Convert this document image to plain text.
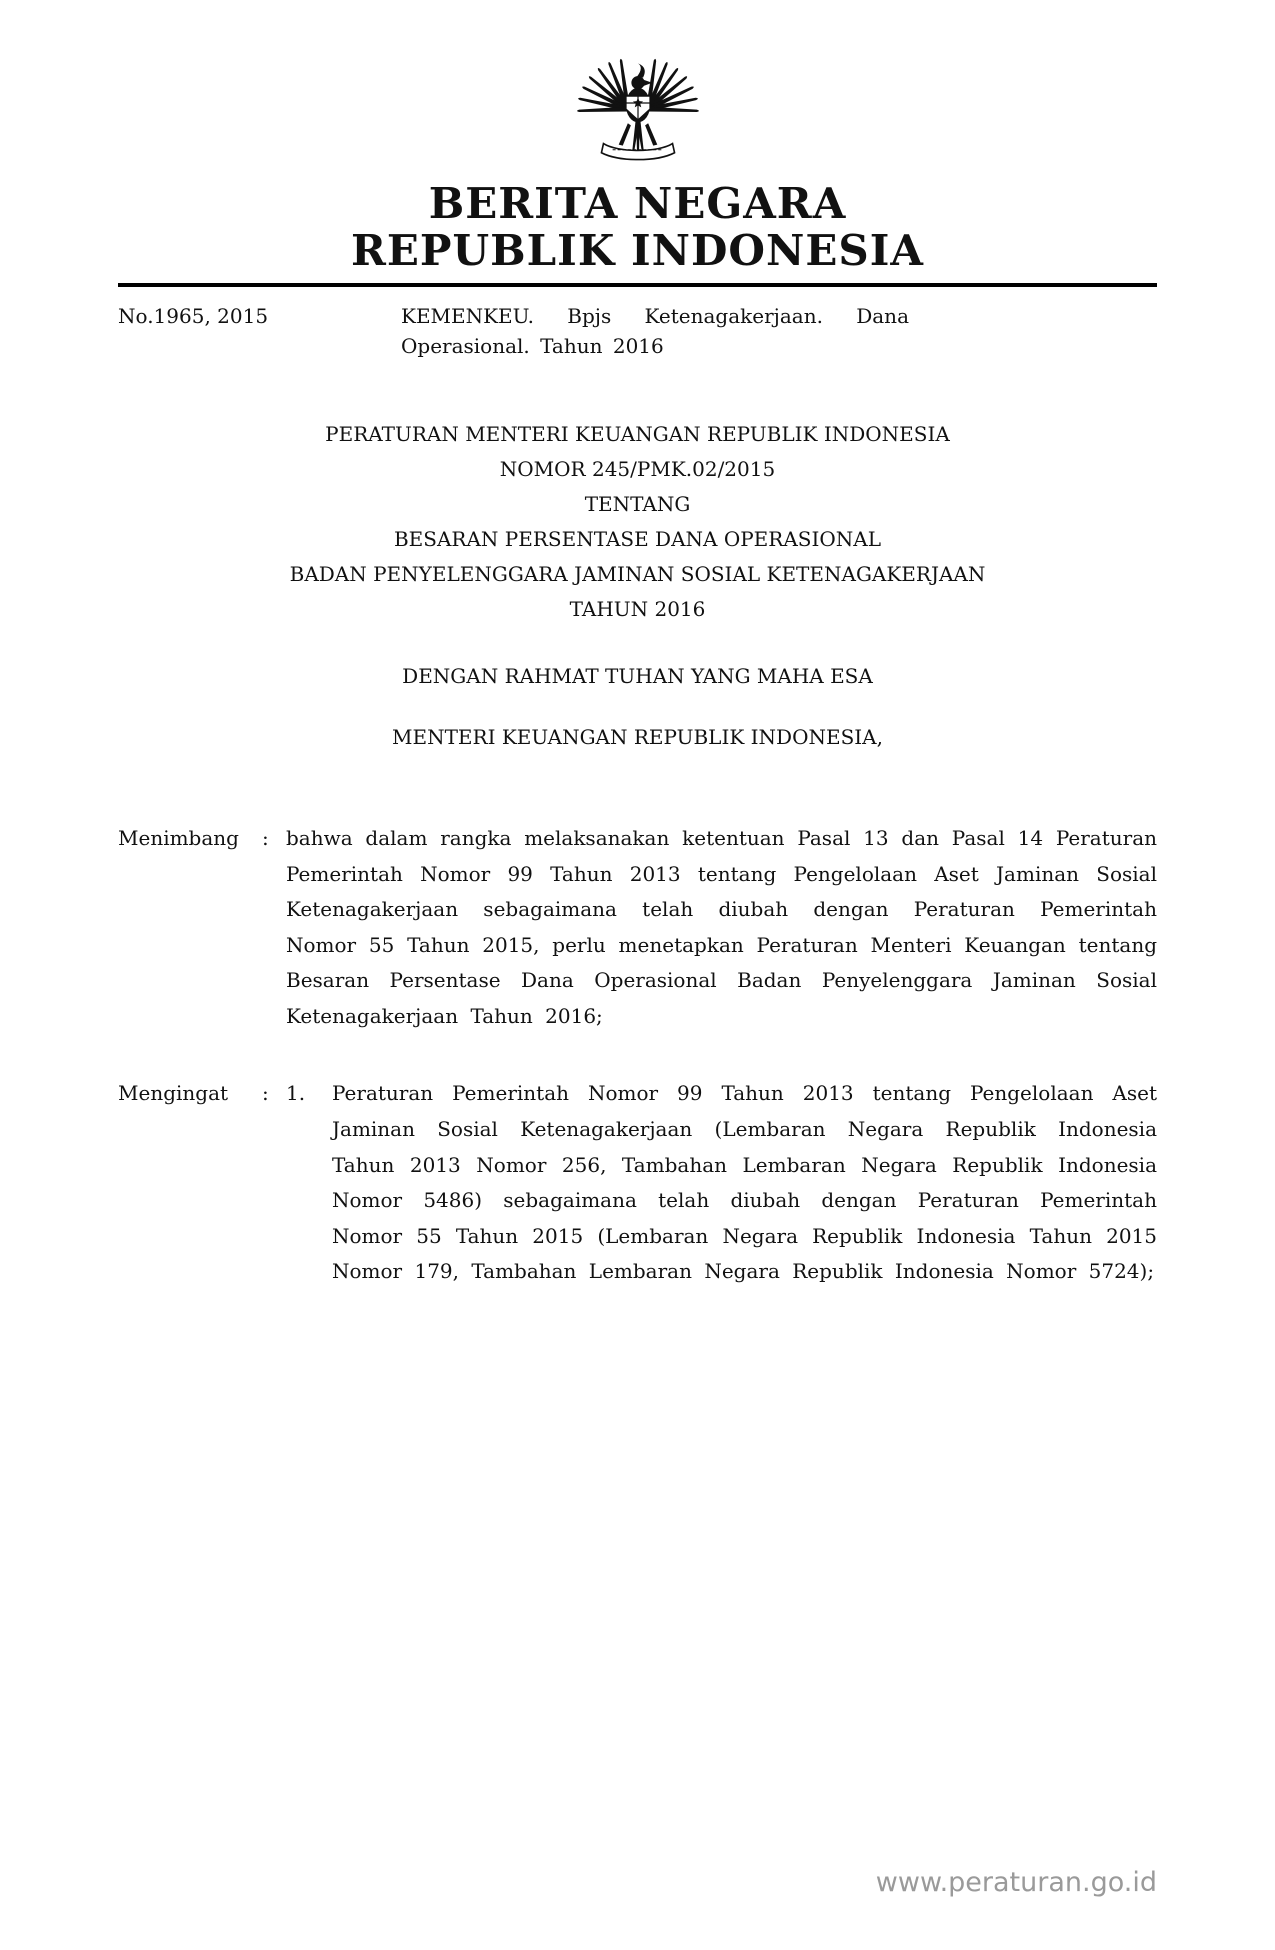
BERITA NEGARA
REPUBLIK INDONESIA
No.1965, 2015	KEMENKEU. Bpjs Ketenagakerjaan. Dana Operasional. Tahun 2016
PERATURAN MENTERI KEUANGAN REPUBLIK INDONESIA
NOMOR 245/PMK.02/2015
TENTANG
BESARAN PERSENTASE DANA OPERASIONAL
BADAN PENYELENGGARA JAMINAN SOSIAL KETENAGAKERJAAN
TAHUN 2016
DENGAN RAHMAT TUHAN YANG MAHA ESA
MENTERI KEUANGAN REPUBLIK INDONESIA,
Menimbang	: bahwa dalam rangka melaksanakan ketentuan Pasal 13 dan Pasal 14 Peraturan Pemerintah Nomor 99 Tahun 2013 tentang Pengelolaan Aset Jaminan Sosial Ketenagakerjaan sebagaimana telah diubah dengan Peraturan Pemerintah Nomor 55 Tahun 2015, perlu menetapkan Peraturan Menteri Keuangan tentang Besaran Persentase Dana Operasional Badan Penyelenggara Jaminan Sosial Ketenagakerjaan Tahun 2016;
Mengingat	: 1.	Peraturan Pemerintah Nomor 99 Tahun 2013 tentang Pengelolaan Aset Jaminan Sosial Ketenagakerjaan (Lembaran Negara Republik Indonesia Tahun 2013 Nomor 256, Tambahan Lembaran Negara Republik Indonesia Nomor 5486) sebagaimana telah diubah dengan Peraturan Pemerintah Nomor 55 Tahun 2015 (Lembaran Negara Republik Indonesia Tahun 2015 Nomor 179, Tambahan Lembaran Negara Republik Indonesia Nomor 5724);
www.peraturan.go.id
